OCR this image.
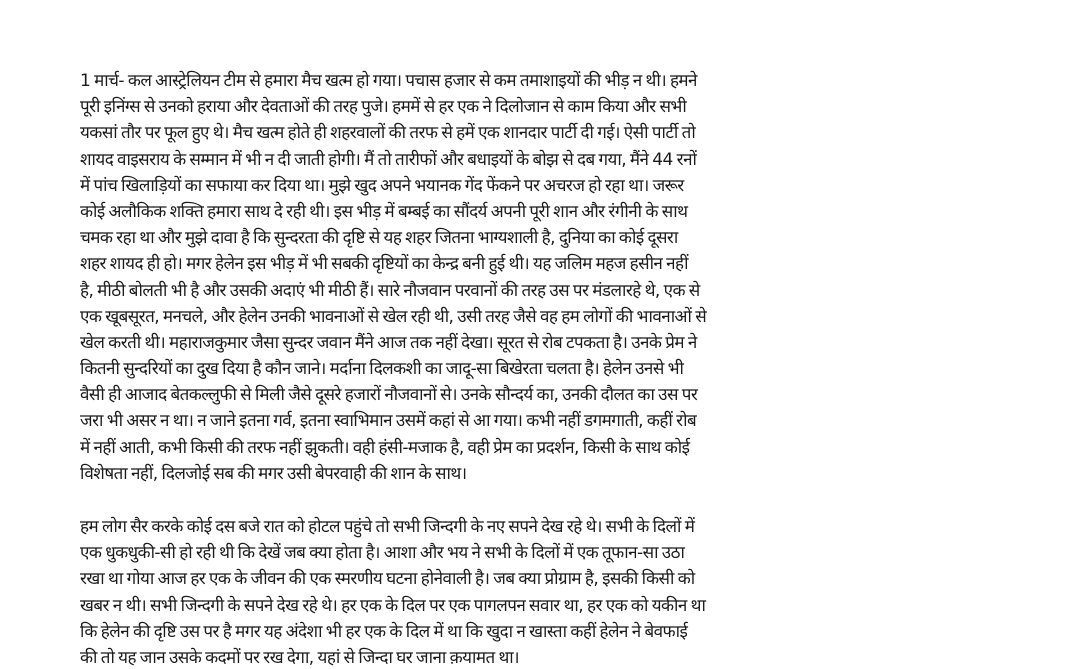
1 मार्च- कल आस्ट्रेलियन टीम से हमारा मैच खत्म हो गया। पचास हजार से कम तमाशाइयों की भीड़ न थी। हमने
पूरी इनिंग्स से उनको हराया और देवताओं की तरह पुजे। हममें से हर एक ने दिलोजान से काम किया और सभी
यकसां तौर पर फूल हुए थे। मैच खत्म होते ही शहरवालों की तरफ से हमें एक शानदार पार्टी दी गई। ऐसी पार्टी तो
शायद वाइसराय के सम्मान में भी न दी जाती होगी। मैं तो तारीफों और बधाइयों के बोझ से दब गया, मैंने 44 रनों
में पांच खिलाड़ियों का सफाया कर दिया था। मुझे खुद अपने भयानक गेंद फेंकने पर अचरज हो रहा था। जरूर
कोई अलौकिक शक्ति हमारा साथ दे रही थी। इस भीड़ में बम्बई का सौंदर्य अपनी पूरी शान और रंगीनी के साथ
चमक रहा था और मुझे दावा है कि सुन्दरता की दृष्टि से यह शहर जितना भाग्यशाली है, दुनिया का कोई दूसरा
शहर शायद ही हो। मगर हेलेन इस भीड़ में भी सबकी दृष्टियों का केन्द्र बनी हुई थी। यह जलिम महज हसीन नहीं
है, मीठी बोलती भी है और उसकी अदाएं भी मीठी हैं। सारे नौजवान परवानों की तरह उस पर मंडलारहे थे, एक से
एक खूबसूरत, मनचले, और हेलेन उनकी भावनाओं से खेल रही थी, उसी तरह जैसे वह हम लोगों की भावनाओं से
खेल करती थी। महाराजकुमार जैसा सुन्दर जवान मैंने आज तक नहीं देखा। सूरत से रोब टपकता है। उनके प्रेम ने
कितनी सुन्दरियों का दुख दिया है कौन जाने। मर्दाना दिलकशी का जादू-सा बिखेरता चलता है। हेलेन उनसे भी
वैसी ही आजाद बेतकल्लुफी से मिली जैसे दूसरे हजारों नौजवानों से। उनके सौन्दर्य का, उनकी दौलत का उस पर
जरा भी असर न था। न जाने इतना गर्व, इतना स्वाभिमान उसमें कहां से आ गया। कभी नहीं डगमगाती, कहीं रोब
में नहीं आती, कभी किसी की तरफ नहीं झुकती। वही हंसी-मजाक है, वही प्रेम का प्रदर्शन, किसी के साथ कोई
विशेषता नहीं, दिलजोई सब की मगर उसी बेपरवाही की शान के साथ।
हम लोग सैर करके कोई दस बजे रात को होटल पहुंचे तो सभी जिन्दगी के नए सपने देख रहे थे। सभी के दिलों में
एक धुकधुकी-सी हो रही थी कि देखें जब क्या होता है। आशा और भय ने सभी के दिलों में एक तूफान-सा उठा
रखा था गोया आज हर एक के जीवन की एक स्मरणीय घटना होनेवाली है। जब क्या प्रोग्राम है, इसकी किसी को
खबर न थी। सभी जिन्दगी के सपने देख रहे थे। हर एक के दिल पर एक पागलपन सवार था, हर एक को यकीन था
कि हेलेन की दृष्टि उस पर है मगर यह अंदेशा भी हर एक के दिल में था कि खुदा न खास्ता कहीं हेलेन ने बेवफाई
की तो यह जान उसके कदमों पर रख देगा, यहां से जिन्दा घर जाना क़यामत था।
